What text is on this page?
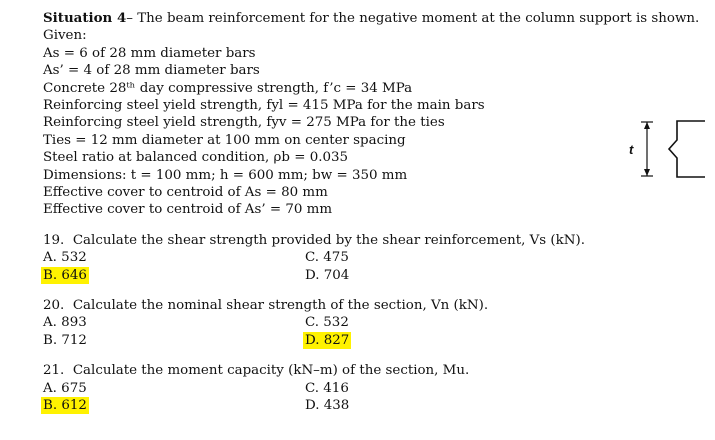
Situation 4– The beam reinforcement for the negative moment at the column support is shown.
Given:
As = 6 of 28 mm diameter bars
As’ = 4 of 28 mm diameter bars
Concrete 28ᵗʰ day compressive strength, f’c = 34 MPa
Reinforcing steel yield strength, fyl = 415 MPa for the main bars
Reinforcing steel yield strength, fyv = 275 MPa for the ties
Ties = 12 mm diameter at 100 mm on center spacing
Steel ratio at balanced condition, ρb = 0.035
Dimensions: t = 100 mm; h = 600 mm; bw = 350 mm
Effective cover to centroid of As = 80 mm
Effective cover to centroid of As’ = 70 mm
19. Calculate the shear strength provided by the shear reinforcement, Vs (kN).
A. 532	C. 475
B. 646	D. 704
20. Calculate the nominal shear strength of the section, Vn (kN).
A. 893	C. 532
B. 712	D. 827
21. Calculate the moment capacity (kN–m) of the section, Mu.
A. 675	C. 416
B. 612	D. 438
t
